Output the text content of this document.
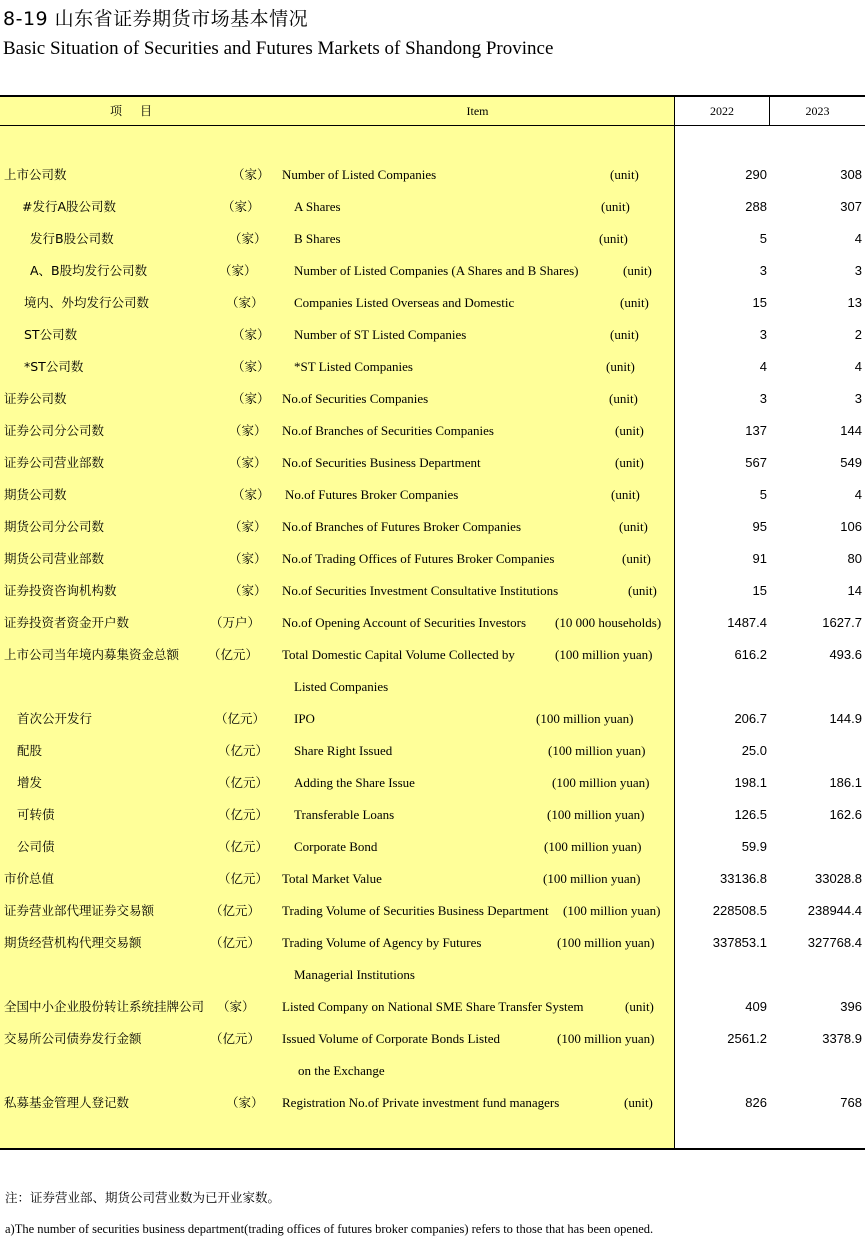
8-19 山东省证券期货市场基本情况
Basic Situation of Securities and Futures Markets of Shandong Province
项目	Item	2022	2023
上市公司数	（家） Number of Listed Companies	(unit)	290	308
#发行A股公司数	（家）	A Shares	(unit)	288	307
发行B股公司数	（家） B Shares	(unit)	5	4
A、B股均发行公司数	（家）	Number of Listed Companies (A Shares and B Shares)	(unit)	3	3
境内、外均发行公司数	（家） Companies Listed Overseas and Domestic	(unit)	15	13
ST公司数	（家） Number of ST Listed Companies	(unit)	3	2
*ST公司数	（家） *ST Listed Companies	(unit)	4	4
证券公司数	（家） No.of Securities Companies	(unit)	3	3
证券公司分公司数	（家） No.of Branches of Securities Companies	(unit)	137	144
证券公司营业部数	（家） No.of Securities Business Department	(unit)	567	549
期货公司数	（家） No.of Futures Broker Companies	(unit)	5	4
期货公司分公司数	（家） No.of Branches of Futures Broker Companies	(unit)	95	106
期货公司营业部数	（家） No.of Trading Offices of Futures Broker Companies	(unit)	91	80
证券投资咨询机构数	（家） No.of Securities Investment Consultative Institutions	(unit)	15	14
证券投资者资金开户数	（万户） No.of Opening Account of Securities Investors (10 000 households)	1487.4	1627.7
上市公司当年境内募集资金总额 （亿元） Total Domestic Capital Volume Collected by	(100 million yuan)	616.2	493.6
Listed Companies
首次公开发行	（亿元） IPO	(100 million yuan)	206.7	144.9
配股	（亿元） Share Right Issued	(100 million yuan)	25.0
增发	（亿元） Adding the Share Issue	(100 million yuan)	198.1	186.1
可转债	（亿元） Transferable Loans	(100 million yuan)	126.5	162.6
公司债	（亿元） Corporate Bond	(100 million yuan)	59.9
市价总值	（亿元） Total Market Value	(100 million yuan)	33136.8	33028.8
证券营业部代理证券交易额	（亿元） Trading Volume of Securities Business Department (100 million yuan)	228508.5	238944.4
期货经营机构代理交易额	（亿元） Trading Volume of Agency by Futures	(100 million yuan)	337853.1	327768.4
Managerial Institutions
全国中小企业股份转让系统挂牌公司 （家） Listed Company on National SME Share Transfer System	(unit)	409	396
交易所公司债券发行金额	（亿元） Issued Volume of Corporate Bonds Listed	(100 million yuan)	2561.2	3378.9
on the Exchange
私募基金管理人登记数	（家） Registration No.of Private investment fund managers	(unit)	826	768
注：证券营业部、期货公司营业数为已开业家数。
a)The number of securities business department(trading offices of futures broker companies) refers to those that has been opened.
